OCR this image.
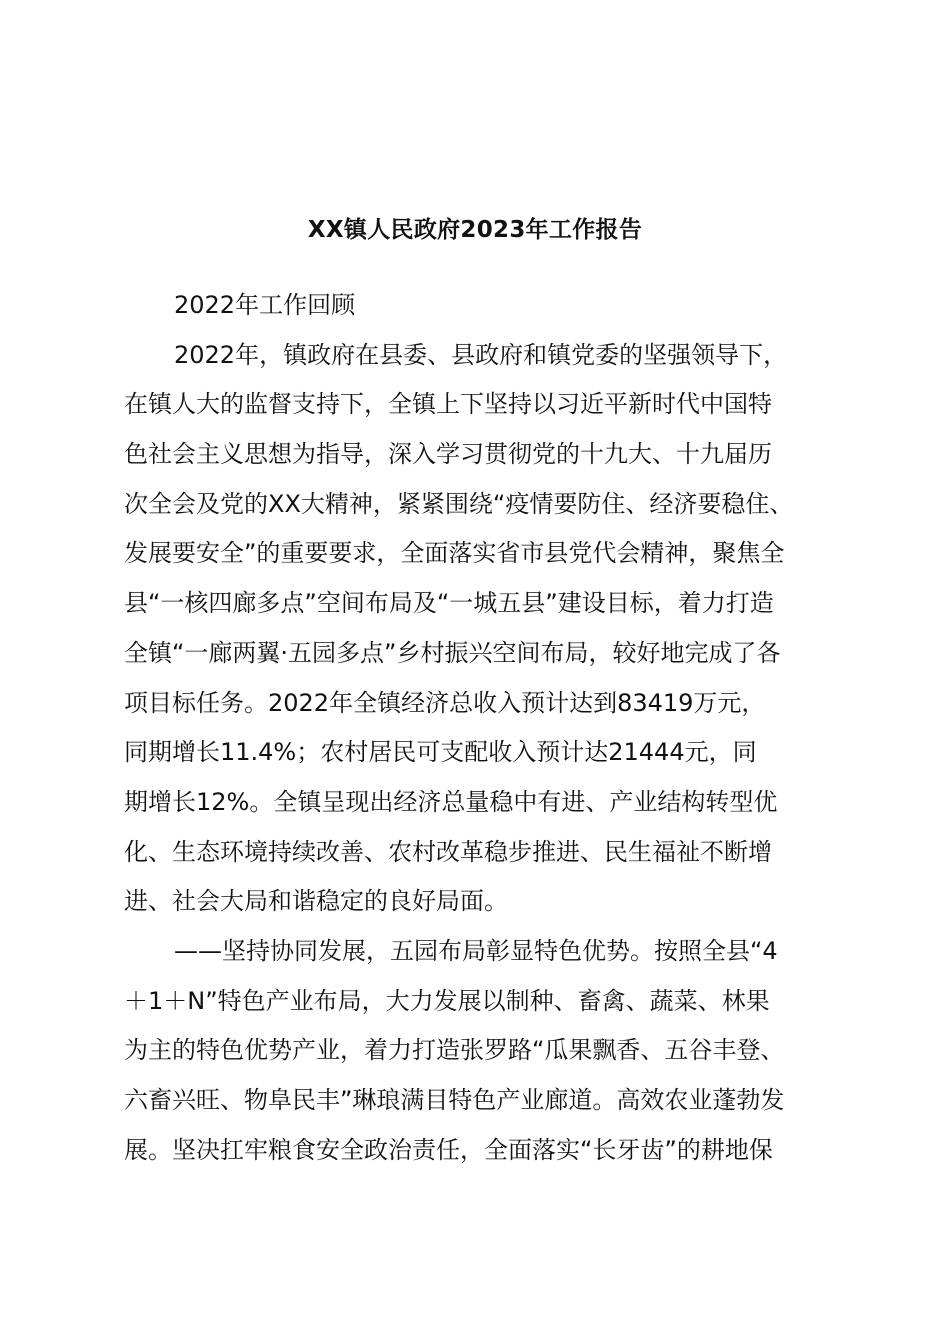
XX镇人民政府2023年工作报告
2022年工作回顾
2022年，镇政府在县委、县政府和镇党委的坚强领导下，
在镇人大的监督支持下，全镇上下坚持以习近平新时代中国特
色社会主义思想为指导，深入学习贯彻党的十九大、十九届历
次全会及党的XX大精神，紧紧围绕“疫情要防住、经济要稳住、
发展要安全”的重要要求，全面落实省市县党代会精神，聚焦全
县“一核四廊多点”空间布局及“一城五县”建设目标，着力打造
全镇“一廊两翼·五园多点”乡村振兴空间布局，较好地完成了各
项目标任务。2022年全镇经济总收入预计达到83419万元，
同期增长11.4%；农村居民可支配收入预计达21444元，同
期增长12%。全镇呈现出经济总量稳中有进、产业结构转型优
化、生态环境持续改善、农村改革稳步推进、民生福祉不断增
进、社会大局和谐稳定的良好局面。
——坚持协同发展，五园布局彰显特色优势。按照全县“4
＋1＋N”特色产业布局，大力发展以制种、畜禽、蔬菜、林果
为主的特色优势产业，着力打造张罗路“瓜果飘香、五谷丰登、
六畜兴旺、物阜民丰”琳琅满目特色产业廊道。高效农业蓬勃发
展。坚决扛牢粮食安全政治责任，全面落实“长牙齿”的耕地保
